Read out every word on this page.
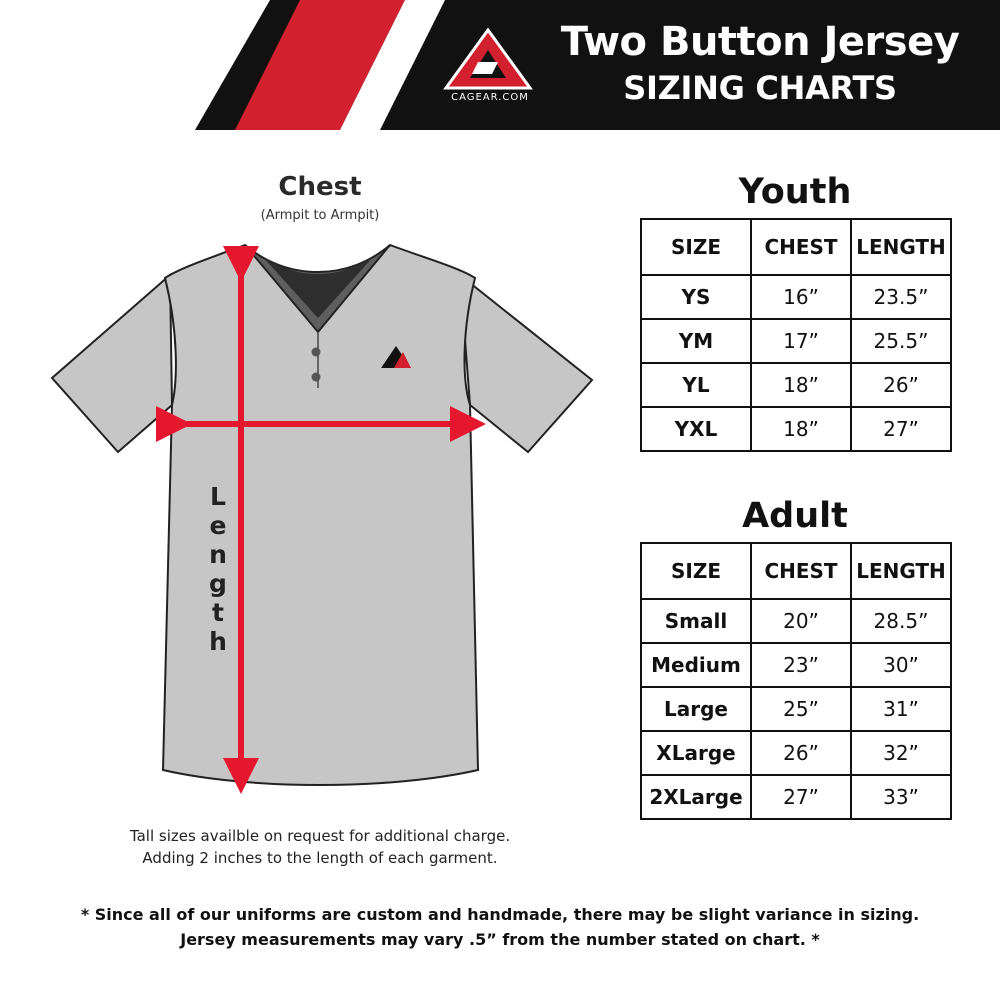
Two Button Jersey
SIZING CHARTS
CAGEAR.COM
Chest
(Armpit to Armpit)
L
e
n
g
t
h
Tall sizes availble on request for additional charge.
Adding 2 inches to the length of each garment.
Youth
SIZE	CHEST	LENGTH
YS	16”	23.5”
YM	17”	25.5”
YL	18”	26”
YXL	18”	27”
Adult
SIZE	CHEST	LENGTH
Small	20”	28.5”
Medium	23”	30”
Large	25”	31”
XLarge	26”	32”
2XLarge	27”	33”
* Since all of our uniforms are custom and handmade, there may be slight variance in sizing.
Jersey measurements may vary .5” from the number stated on chart. *
